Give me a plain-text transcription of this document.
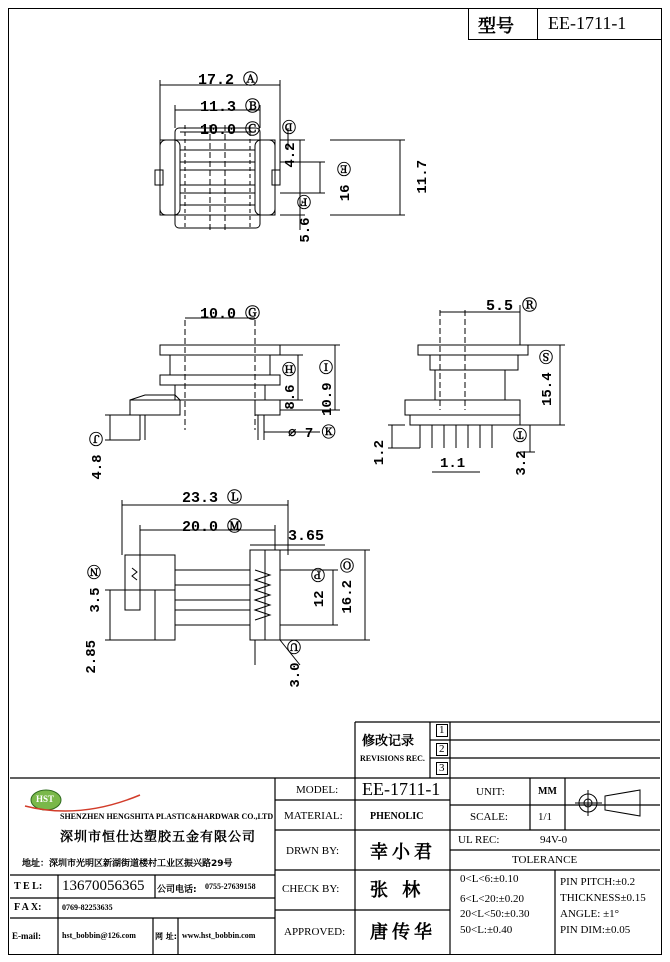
型号 EE-1711-1
17.2 Ⓐ
11.3 Ⓑ
10.0 Ⓒ
4.2 Ⓓ
16 Ⓔ	11.7
5.6 Ⓕ
10.0 Ⓖ
8.6 Ⓗ
10.9 Ⓘ
4.8 Ⓙ	⌀ 7 Ⓚ
5.5 Ⓡ
15.4 Ⓢ
3.2 Ⓣ
1.2	1.1
23.3 Ⓛ
20.0 Ⓜ
3.65
Ⓞ
12 Ⓟ
16.2
3.5 Ⓝ
2.85
3.0 Ⓤ
修改记录
REVISIONS REC.
1
2
3
HST
SHENZHEN HENGSHITA PLASTIC&HARDWAR CO.,LTD
深圳市恒仕达塑胶五金有限公司
地址：深圳市光明区新湖街道楼村工业区振兴路29号
T E L: 13670056365 公司电话: 0755-27639158
F A X:	0769-82253635
E-mail:	hst_bobbin@126.com 网 址: www.hst_bobbin.com
MODEL: EE-1711-1
MATERIAL:	PHENOLIC
DRWN BY: 幸小君
CHECK BY: 张 林
APPROVED: 唐传华
UNIT:	MM
SCALE:	1/1
UL REC:	94V-0
TOLERANCE
0<L<6:±0.10
6<L<20:±0.20
20<L<50:±0.30
50<L:±0.40
PIN PITCH:±0.2
THICKNESS±0.15
ANGLE: ±1°
PIN DIM:±0.05
